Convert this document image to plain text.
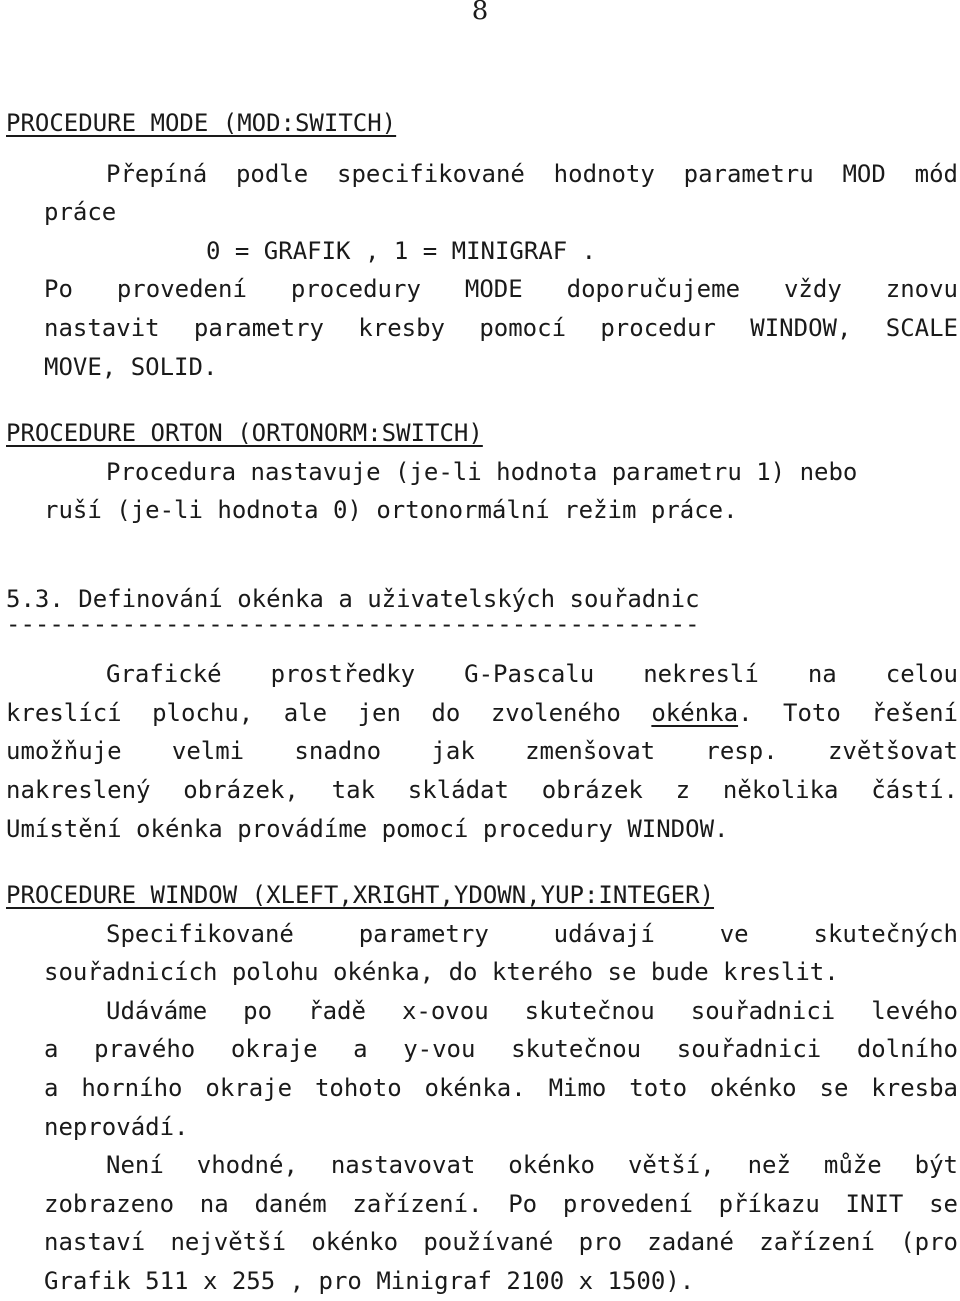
8
PROCEDURE MODE (MOD:SWITCH)
Přepíná podle specifikované hodnoty parametru MOD mód
práce
0 = GRAFIK , 1 = MINIGRAF .
Po provedení procedury MODE doporučujeme vždy znovu
nastavit parametry kresby pomocí procedur WINDOW, SCALE
MOVE, SOLID.
PROCEDURE ORTON (ORTONORM:SWITCH)
Procedura nastavuje (je-li hodnota parametru 1) nebo
ruší (je-li hodnota 0) ortonormální režim práce.
5.3. Definování okénka a uživatelských souřadnic
------------------------------------------------
Grafické prostředky G-Pascalu nekreslí na celou
kreslící plochu, ale jen do zvoleného okénka. Toto řešení
umožňuje velmi snadno jak zmenšovat resp. zvětšovat
nakreslený obrázek, tak skládat obrázek z několika částí.
Umístění okénka provádíme pomocí procedury WINDOW.
PROCEDURE WINDOW (XLEFT,XRIGHT,YDOWN,YUP:INTEGER)
Specifikované parametry udávají ve skutečných
souřadnicích polohu okénka, do kterého se bude kreslit.
Udáváme po řadě x-ovou skutečnou souřadnici levého
a pravého okraje a y-vou skutečnou souřadnici dolního
a horního okraje tohoto okénka. Mimo toto okénko se kresba
neprovádí.
Není vhodné, nastavovat okénko větší, než může být
zobrazeno na daném zařízení. Po provedení příkazu INIT se
nastaví největší okénko používané pro zadané zařízení (pro
Grafik 511 x 255 , pro Minigraf 2100 x 1500).
